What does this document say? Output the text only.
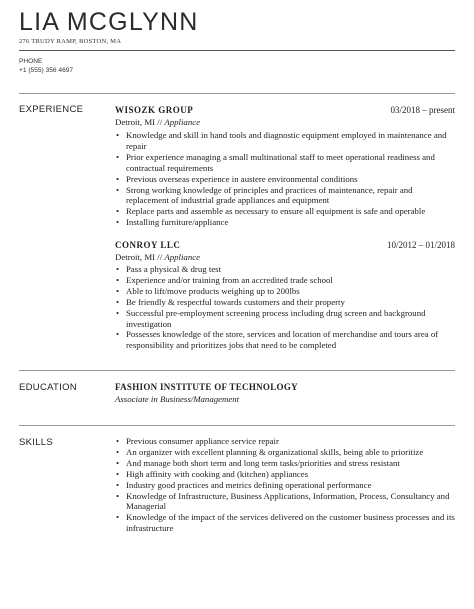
LIA MCGLYNN
276 TRUDY RAMP, BOSTON, MA
PHONE
+1 (555) 356 4697
EXPERIENCE	WISOZK GROUP	03/2018 – present
Detroit, MI // Appliance
• Knowledge and skill in hand tools and diagnostic equipment employed in maintenance and repair
• Prior experience managing a small multinational staff to meet operational readiness and contractual requirements
• Previous overseas experience in austere environmental conditions
• Strong working knowledge of principles and practices of maintenance, repair and replacement of industrial grade appliances and equipment
• Replace parts and assemble as necessary to ensure all equipment is safe and operable
• Installing furniture/appliance
CONROY LLC	10/2012 – 01/2018
Detroit, MI // Appliance
• Pass a physical & drug test
• Experience and/or training from an accredited trade school
• Able to lift/move products weighing up to 200lbs
• Be friendly & respectful towards customers and their property
• Successful pre-employment screening process including drug screen and background investigation
• Possesses knowledge of the store, services and location of merchandise and tours area of responsibility and prioritizes jobs that need to be completed
EDUCATION	FASHION INSTITUTE OF TECHNOLOGY
Associate in Business/Management
SKILLS	• Previous consumer appliance service repair
• An organizer with excellent planning & organizational skills, being able to prioritize
• And manage both short term and long term tasks/priorities and stress resistant
• High affinity with cooking and (kitchen) appliances
• Industry good practices and metrics defining operational performance
• Knowledge of Infrastructure, Business Applications, Information, Process, Consultancy and Managerial
• Knowledge of the impact of the services delivered on the customer business processes and its infrastructure
